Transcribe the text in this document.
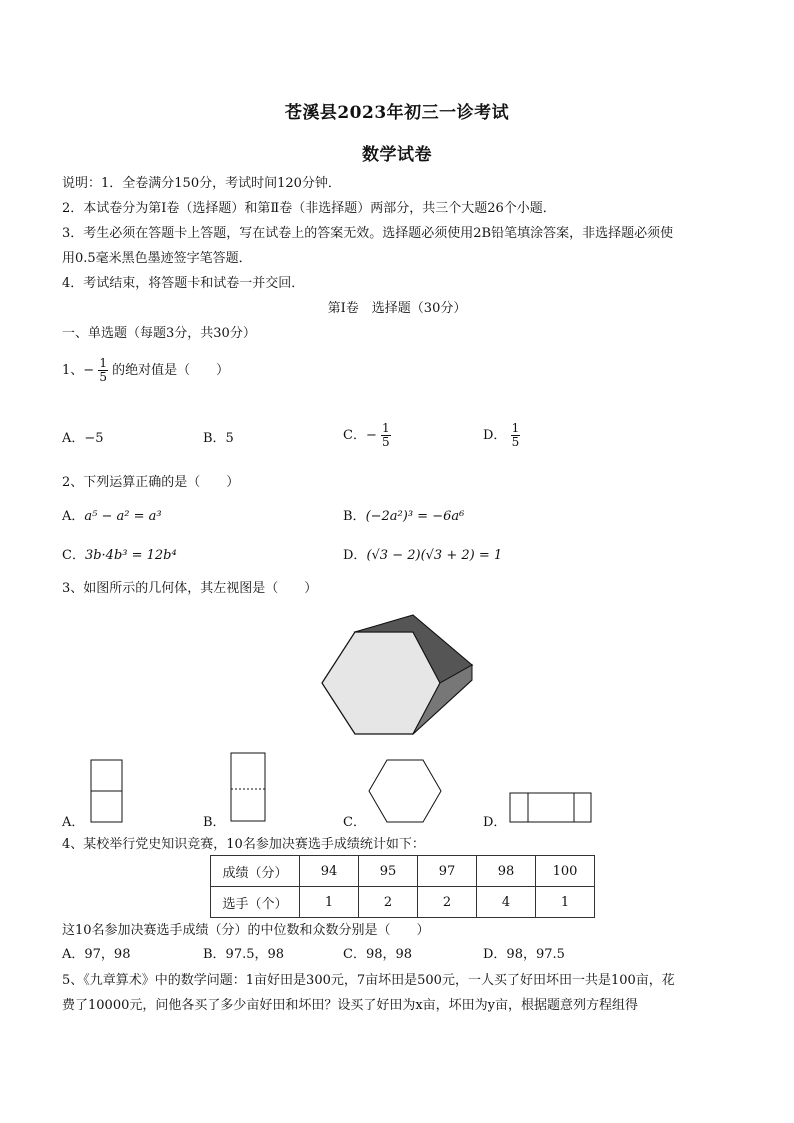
苍溪县2023年初三一诊考试
数学试卷
说明：1．全卷满分150分，考试时间120分钟．
2．本试卷分为第Ⅰ卷（选择题）和第Ⅱ卷（非选择题）两部分，共三个大题26个小题．
3．考生必须在答题卡上答题，写在试卷上的答案无效。选择题必须使用2B铅笔填涂答案，非选择题必须使
用0.5毫米黑色墨迹签字笔答题．
4．考试结束，将答题卡和试卷一并交回．
第Ⅰ卷　选择题（30分）
一、单选题（每题3分，共30分）
1、− $\frac{1}{5}$ 的绝对值是（　　）
A．−5	B．5	C．− $\frac{1}{5}$	D． $\frac{1}{5}$
2、下列运算正确的是（　　）
A．a⁵ − a² = a³	B．(−2a²)³ = −6a⁶
C．3b·4b³ = 12b⁴	D．(√3 − 2)(√3 + 2) = 1
3、如图所示的几何体，其左视图是（　　）
A．	B．	C．	D．
4、某校举行党史知识竞赛，10名参加决赛选手成绩统计如下：
成绩（分）	94	95	97	98	100
选手（个）	1	2	2	4	1
这10名参加决赛选手成绩（分）的中位数和众数分别是（　　）
A．97，98	B．97.5，98	C．98，98	D．98，97.5
5、《九章算术》中的数学问题：1亩好田是300元，7亩坏田是500元，一人买了好田坏田一共是100亩，花
费了10000元，问他各买了多少亩好田和坏田？设买了好田为x亩，坏田为y亩，根据题意列方程组得
